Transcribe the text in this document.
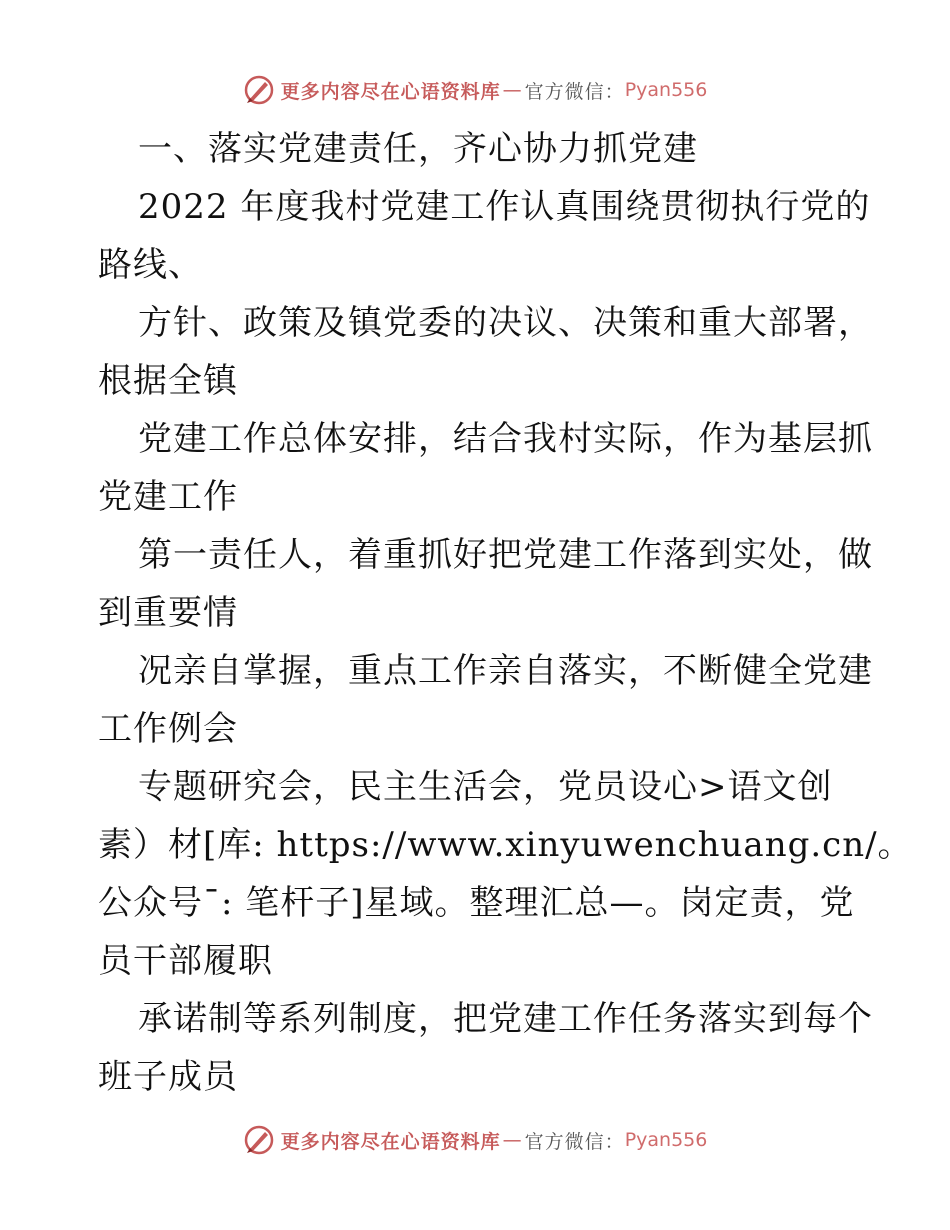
更多内容尽在心语资料库 — 官方微信： Pyan556
一、落实党建责任，齐心协力抓党建
2022 年度我村党建工作认真围绕贯彻执行党的
路线、
方针、政策及镇党委的决议、决策和重大部署，
根据全镇
党建工作总体安排，结合我村实际，作为基层抓
党建工作
第一责任人，着重抓好把党建工作落到实处，做
到重要情
况亲自掌握，重点工作亲自落实，不断健全党建
工作例会
专题研究会，民主生活会，党员设心>语文创
素）材[库: https://www.xinyuwenchuang.cn/。
公众号¯: 笔杆子]星域。整理汇总—。岗定责，党
员干部履职
承诺制等系列制度，把党建工作任务落实到每个
班子成员
更多内容尽在心语资料库 — 官方微信： Pyan556
